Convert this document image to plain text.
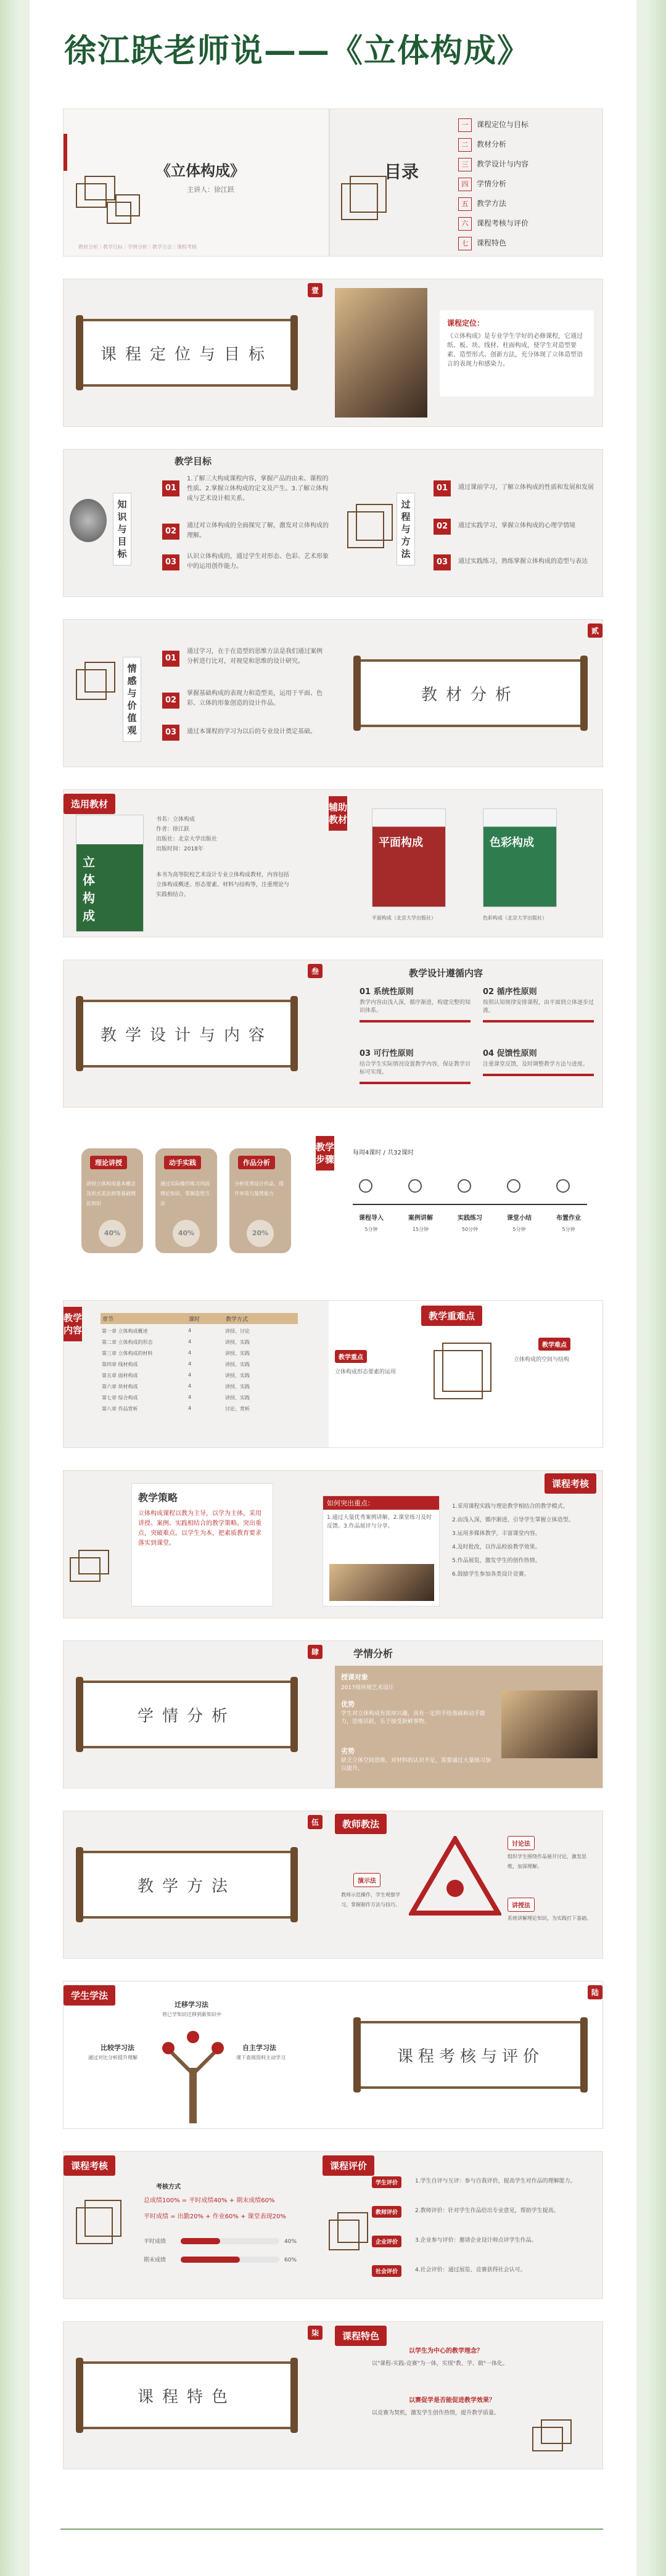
徐江跃老师说——《立体构成》
《立体构成》
主讲人：徐江跃
教材分析｜教学目标｜学情分析｜教学方法｜课程考核
目录
一 课程定位与目标
二 教材分析
三 教学设计与内容
四 学情分析
五 教学方法
六 课程考核与评价
七 课程特色
课程定位与目标
壹
课程定位：
《立体构成》是专业学生学好的必修课程，它通过纸、板、块、线材、柱面构成，使学生对造型要素、造型形式、创新方法，充分体现了立体造型语言的表现力和感染力。
教学目标
知识与目标
01
1.了解三大构成课程内容，掌握产品的由来、课程的性质。2.掌握立体构成的定义及产生。3.了解立体构成与艺术设计相关系。
02
通过对立体构成的全面探究了解，激发对立体构成的理解。
03
认识立体构成的，通过学生对形态、色彩、艺术形象中的运用创作能力。
过程与方法
01	通过课前学习，了解立体构成的性质和发展和发展
02	通过实践学习，掌握立体构成的心理学情境
03	通过实践练习，熟练掌握立体构成的造型与表达
情感与价值观
01
通过学习，在于在造型的思维方法是我们通过案例分析进行比对，对视觉和思维的设计研究。
02
掌握基础构成的表现力和造型美，运用于平面、色彩、立体的形象创造的设计作品。
03	通过本课程的学习为以后的专业设计奠定基础。
教材分析
贰
选用教材
立体构成
书名：立体构成
作者：徐江跃
出版社：北京大学出版社
出版时间：2018年
本书为高等院校艺术设计专业立体构成教材，内容包括立体构成概述、形态要素、材料与结构等，注重理论与实践相结合。
辅助教材
平面构成
平面构成（北京大学出版社）
色彩构成
色彩构成（北京大学出版社）
教学设计与内容
叁	教学设计遵循内容
01 系统性原则
教学内容由浅入深，循序渐进，构建完整的知识体系。
02 循序性原则
按照认知规律安排课程，由平面到立体逐步过渡。
03 可行性原则
结合学生实际情况设置教学内容，保证教学目标可实现。
04 促馈性原则
注重课堂反馈，及时调整教学方法与进度。
理论讲授
讲授立体构成基本概念及形式美法则等基础理论知识
40%
动手实践
通过实际操作练习巩固理论知识，掌握造型方法
40%
作品分析
分析优秀设计作品，提升审美与鉴赏能力
20%
教学步骤
每周4课时 / 共32课时
课程导入	案例讲解	实践练习	课堂小结	布置作业
5分钟	15分钟	50分钟	5分钟	5分钟
教学内容
章节	课时	教学方式
第一章 立体构成概述	4	讲授、讨论
第二章 立体构成的形态	4	讲授、实践
第三章 立体构成的材料	4	讲授、实践
第四章 线材构成	4	讲授、实践
第五章 面材构成	4	讲授、实践
第六章 块材构成	4	讲授、实践
第七章 综合构成	4	讲授、实践
第八章 作品赏析	4	讨论、赏析
教学重难点
教学重点
立体构成形态要素的运用
教学难点
立体构成的空间与结构
教学策略
立体构成课程以教为主导，以学为主体，采用讲授、案例、实践相结合的教学策略。突出重点，突破难点。以学生为本，把素质教育要求落实到课堂。
课程考核
如何突出重点：
1.通过大量优秀案例讲解。2.课堂练习及时反馈。3.作品展评与分享。
1.采用课程实践与理论教学相结合的教学模式。
2.由浅入深，循序渐进，引导学生掌握立体造型。
3.运用多媒体教学，丰富课堂内容。
4.及时批改，以作品检验教学效果。
5.作品展览，激发学生的创作热情。
6.鼓励学生参加各类设计竞赛。
学情分析
肆	学情分析
授课对象
2017级环境艺术设计
优势
学生对立体构成有浓厚兴趣，具有一定的手绘基础和动手能力，思维活跃，乐于接受新鲜事物。
劣势
缺乏立体空间思维，对材料的认识不足，需要通过大量练习加以提升。
教学方法
伍	教师教法
演示法
教师示范操作，学生观察学习，掌握制作方法与技巧。
讨论法
组织学生围绕作品展开讨论，激发思维，加深理解。
讲授法
系统讲解理论知识，为实践打下基础。
学生学法
迁移学习法
将已学知识迁移到新知识中
比较学习法
通过对比分析提升理解
自主学习法
课下查阅资料主动学习	课程考核与评价
陆
课程考核
考核方式
总成绩100% = 平时成绩40% + 期末成绩60%
平时成绩 = 出勤20% + 作业60% + 课堂表现20%
平时成绩	40%
期末成绩	60%
课程评价
学生评价	1.学生自评与互评：参与自我评价，提高学生对作品的理解能力。
教师评价	2.教师评价：针对学生作品给出专业意见，帮助学生提高。
企业评价	3.企业参与评价：邀请企业设计师点评学生作品。
社会评价	4.社会评价：通过展览、竞赛获得社会认可。
课程特色
柒	课程特色
以学生为中心的教学理念？
以"课程-实践-竞赛"为一体，实现"教、学、做"一体化。
以赛促学是否能促进教学效果？
以竞赛为契机，激发学生创作热情，提升教学质量。
